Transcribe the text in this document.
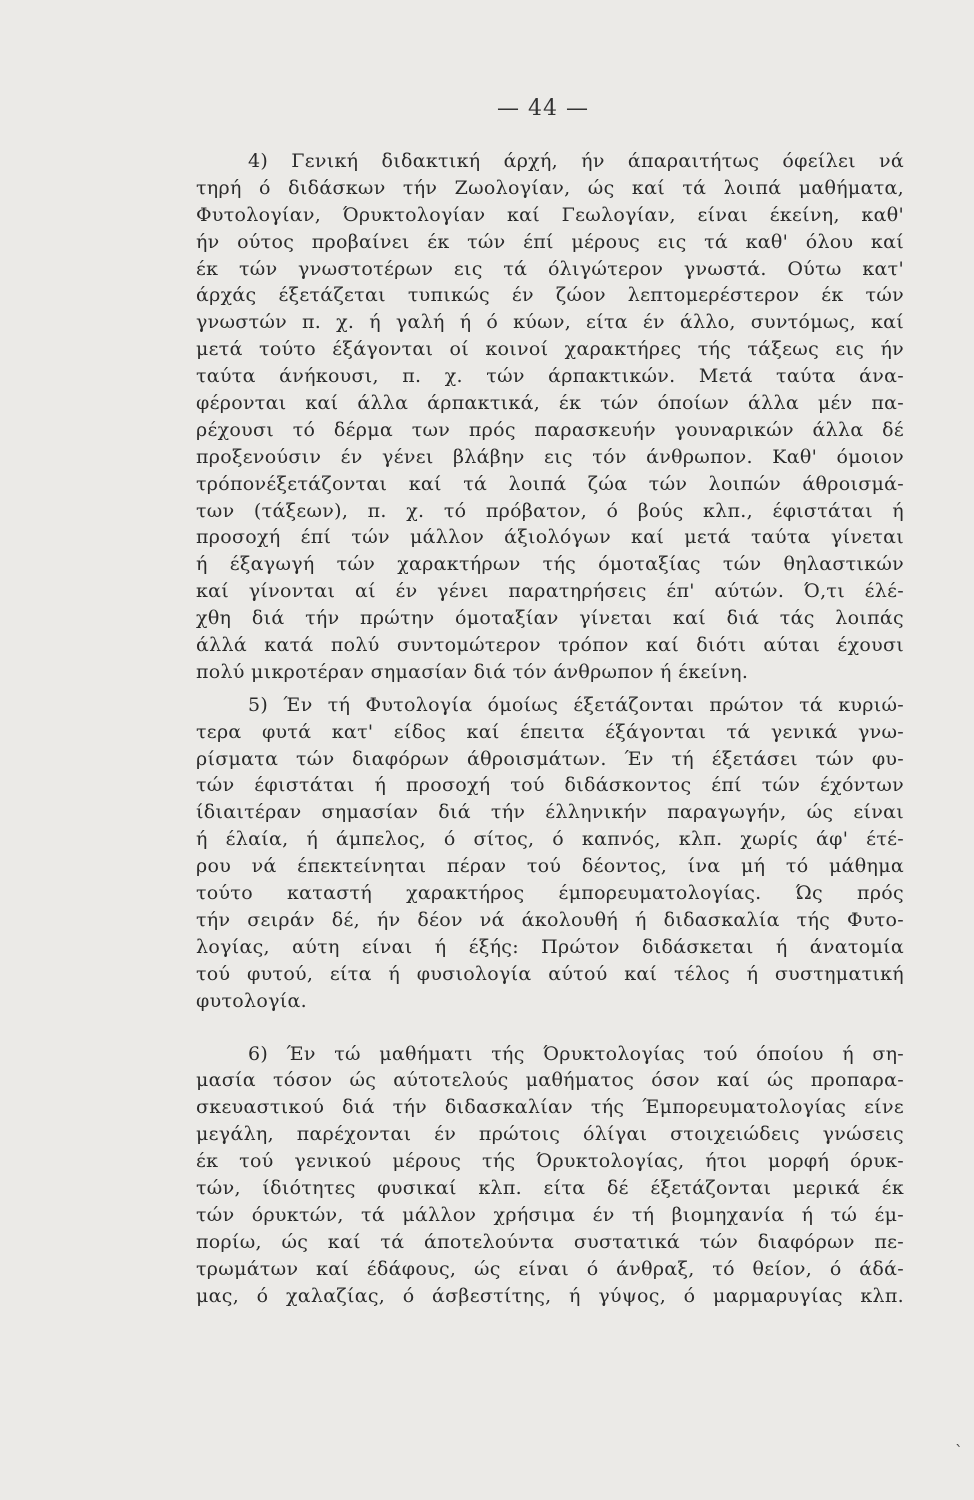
— 44 —
4) Γενική διδακτική άρχή, ήν άπαραιτήτως όφείλει νά
τηρή ό διδάσκων τήν Ζωολογίαν, ώς καί τά λοιπά μαθήματα,
Φυτολογίαν, Όρυκτολογίαν καί Γεωλογίαν, είναι έκείνη, καθ'
ήν ούτος προβαίνει έκ τών έπί μέρους εις τά καθ' όλου καί
έκ τών γνωστοτέρων εις τά όλιγώτερον γνωστά. Ούτω κατ'
άρχάς έξετάζεται τυπικώς έν ζώον λεπτομερέστερον έκ τών
γνωστών π. χ. ή γαλή ή ό κύων, είτα έν άλλο, συντόμως, καί
μετά τούτο έξάγονται οί κοινοί χαρακτήρες τής τάξεως εις ήν
ταύτα άνήκουσι, π. χ. τών άρπακτικών. Μετά ταύτα άνα-
φέρονται καί άλλα άρπακτικά, έκ τών όποίων άλλα μέν πα-
ρέχουσι τό δέρμα των πρός παρασκευήν γουναρικών άλλα δέ
προξενούσιν έν γένει βλάβην εις τόν άνθρωπον. Καθ' όμοιον
τρόπονέξετάζονται καί τά λοιπά ζώα τών λοιπών άθροισμά-
των (τάξεων), π. χ. τό πρόβατον, ό βούς κλπ., έφιστάται ή
προσοχή έπί τών μάλλον άξιολόγων καί μετά ταύτα γίνεται
ή έξαγωγή τών χαρακτήρων τής όμοταξίας τών θηλαστικών
καί γίνονται αί έν γένει παρατηρήσεις έπ' αύτών. Ό,τι έλέ-
χθη διά τήν πρώτην όμοταξίαν γίνεται καί διά τάς λοιπάς
άλλά κατά πολύ συντομώτερον τρόπον καί διότι αύται έχουσι
πολύ μικροτέραν σημασίαν διά τόν άνθρωπον ή έκείνη.
5) Έν τή Φυτολογία όμοίως έξετάζονται πρώτον τά κυριώ-
τερα φυτά κατ' είδος καί έπειτα έξάγονται τά γενικά γνω-
ρίσματα τών διαφόρων άθροισμάτων. Έν τή έξετάσει τών φυ-
τών έφιστάται ή προσοχή τού διδάσκοντος έπί τών έχόντων
ίδιαιτέραν σημασίαν διά τήν έλληνικήν παραγωγήν, ώς είναι
ή έλαία, ή άμπελος, ό σίτος, ό καπνός, κλπ. χωρίς άφ' έτέ-
ρου νά έπεκτείνηται πέραν τού δέοντος, ίνα μή τό μάθημα
τούτο καταστή χαρακτήρος έμπορευματολογίας. Ώς πρός
τήν σειράν δέ, ήν δέον νά άκολουθή ή διδασκαλία τής Φυτο-
λογίας, αύτη είναι ή έξής: Πρώτον διδάσκεται ή άνατομία
τού φυτού, είτα ή φυσιολογία αύτού καί τέλος ή συστηματική
φυτολογία.
6) Έν τώ μαθήματι τής Όρυκτολογίας τού όποίου ή ση-
μασία τόσον ώς αύτοτελούς μαθήματος όσον καί ώς προπαρα-
σκευαστικού διά τήν διδασκαλίαν τής Έμπορευματολογίας είνε
μεγάλη, παρέχονται έν πρώτοις όλίγαι στοιχειώδεις γνώσεις
έκ τού γενικού μέρους τής Όρυκτολογίας, ήτοι μορφή όρυκ-
τών, ίδιότητες φυσικαί κλπ. είτα δέ έξετάζονται μερικά έκ
τών όρυκτών, τά μάλλον χρήσιμα έν τή βιομηχανία ή τώ έμ-
πορίω, ώς καί τά άποτελούντα συστατικά τών διαφόρων πε-
τρωμάτων καί έδάφους, ώς είναι ό άνθραξ, τό θείον, ό άδά-
μας, ό χαλαζίας, ό άσβεστίτης, ή γύψος, ό μαρμαρυγίας κλπ.
`
